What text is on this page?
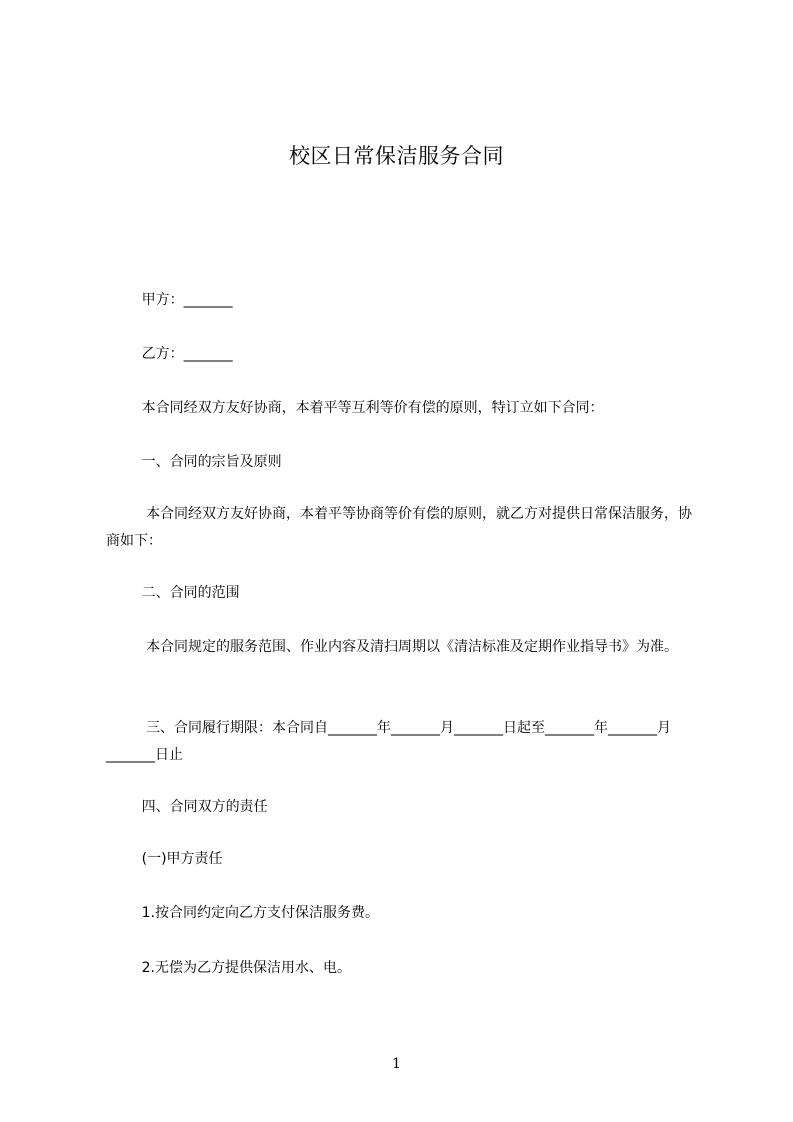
校区日常保洁服务合同
甲方：_______
乙方：_______
本合同经双方友好协商，本着平等互利等价有偿的原则，特订立如下合同：
一、合同的宗旨及原则
本合同经双方友好协商，本着平等协商等价有偿的原则，就乙方对提供日常保洁服务，协商如下：
二、合同的范围
本合同规定的服务范围、作业内容及清扫周期以《清洁标准及定期作业指导书》为准。
三、合同履行期限：本合同自_______年_______月_______日起至_______年_______月_______日止
四、合同双方的责任
(一)甲方责任
1.按合同约定向乙方支付保洁服务费。
2.无偿为乙方提供保洁用水、电。
1
